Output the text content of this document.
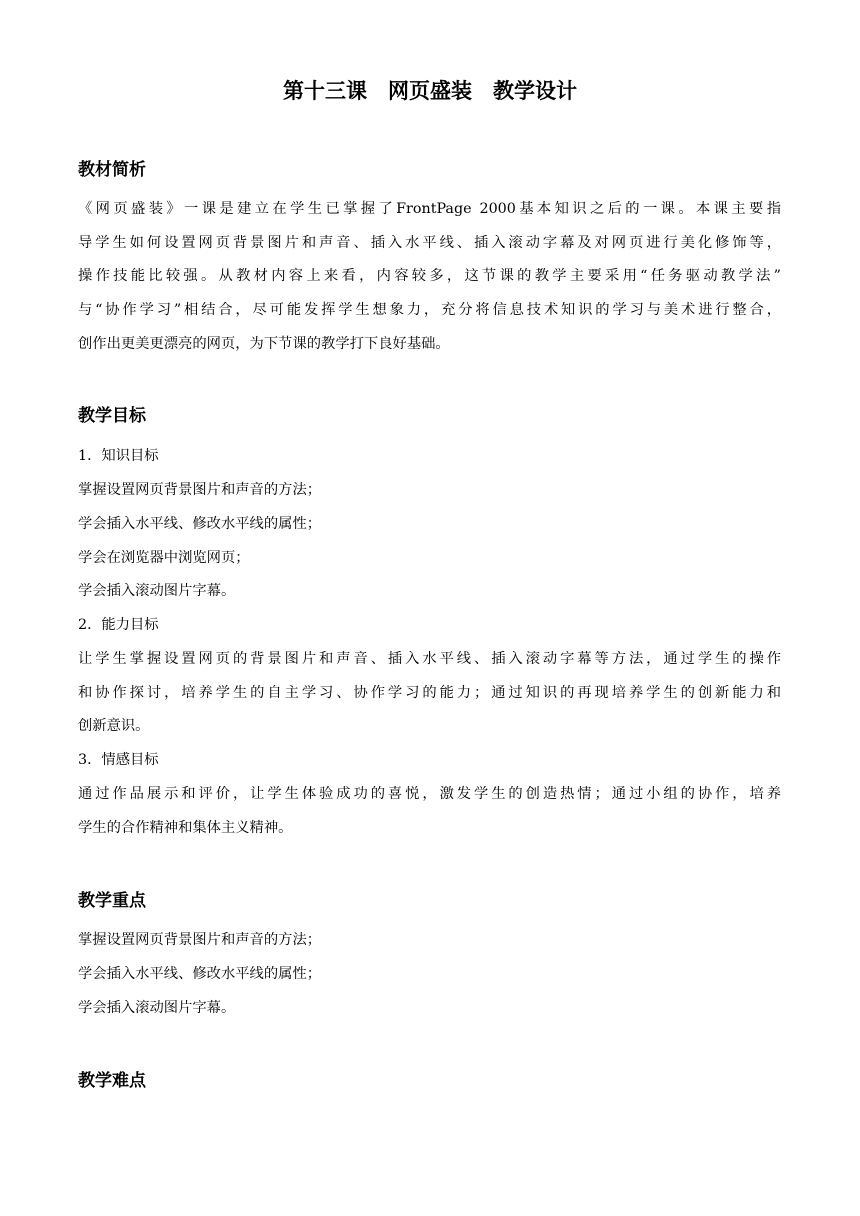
第十三课　网页盛装　教学设计
教材简析
《网页盛装》一课是建立在学生已掌握了FrontPage 2000基本知识之后的一课。本课主要指
导学生如何设置网页背景图片和声音、插入水平线、插入滚动字幕及对网页进行美化修饰等，
操作技能比较强。从教材内容上来看，内容较多，这节课的教学主要采用“任务驱动教学法”
与“协作学习”相结合，尽可能发挥学生想象力，充分将信息技术知识的学习与美术进行整合，
创作出更美更漂亮的网页，为下节课的教学打下良好基础。
教学目标
1．知识目标
掌握设置网页背景图片和声音的方法；
学会插入水平线、修改水平线的属性；
学会在浏览器中浏览网页；
学会插入滚动图片字幕。
2．能力目标
让学生掌握设置网页的背景图片和声音、插入水平线、插入滚动字幕等方法，通过学生的操作
和协作探讨，培养学生的自主学习、协作学习的能力；通过知识的再现培养学生的创新能力和
创新意识。
3．情感目标
通过作品展示和评价，让学生体验成功的喜悦，激发学生的创造热情；通过小组的协作，培养
学生的合作精神和集体主义精神。
教学重点
掌握设置网页背景图片和声音的方法；
学会插入水平线、修改水平线的属性；
学会插入滚动图片字幕。
教学难点
